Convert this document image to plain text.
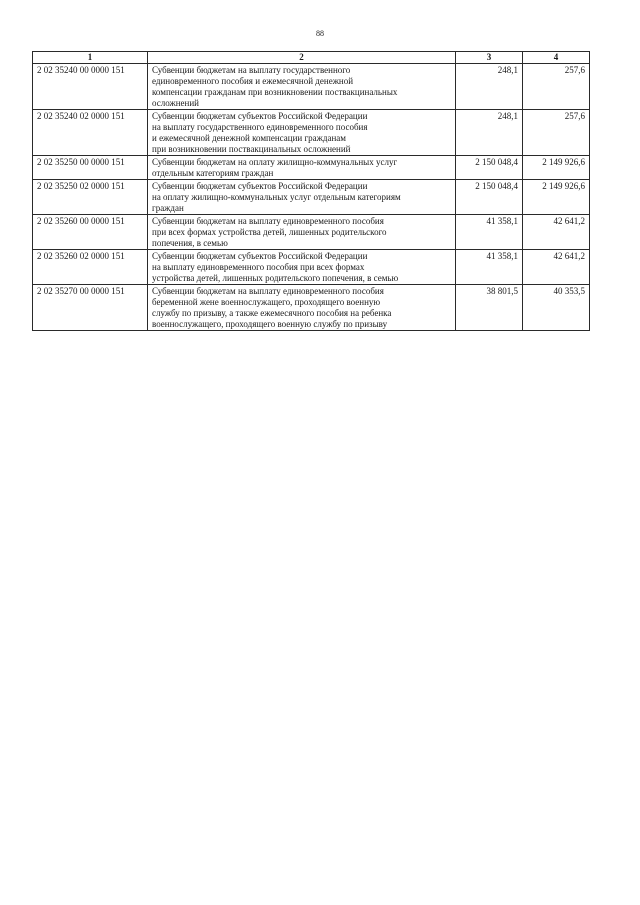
88
1	2	3	4
2 02 35240 00 0000 151	Субвенции бюджетам на выплату государственного
единовременного пособия и ежемесячной денежной
компенсации гражданам при возникновении поствакцинальных
осложнений	248,1	257,6
2 02 35240 02 0000 151	Субвенции бюджетам субъектов Российской Федерации
на выплату государственного единовременного пособия
и ежемесячной денежной компенсации гражданам
при возникновении поствакцинальных осложнений	248,1	257,6
2 02 35250 00 0000 151	Субвенции бюджетам на оплату жилищно-коммунальных услуг
отдельным категориям граждан	2 150 048,4	2 149 926,6
2 02 35250 02 0000 151	Субвенции бюджетам субъектов Российской Федерации
на оплату жилищно-коммунальных услуг отдельным категориям
граждан	2 150 048,4	2 149 926,6
2 02 35260 00 0000 151	Субвенции бюджетам на выплату единовременного пособия
при всех формах устройства детей, лишенных родительского
попечения, в семью	41 358,1	42 641,2
2 02 35260 02 0000 151	Субвенции бюджетам субъектов Российской Федерации
на выплату единовременного пособия при всех формах
устройства детей, лишенных родительского попечения, в семью	41 358,1	42 641,2
2 02 35270 00 0000 151	Субвенции бюджетам на выплату единовременного пособия
беременной жене военнослужащего, проходящего военную
службу по призыву, а также ежемесячного пособия на ребенка
военнослужащего, проходящего военную службу по призыву	38 801,5	40 353,5
